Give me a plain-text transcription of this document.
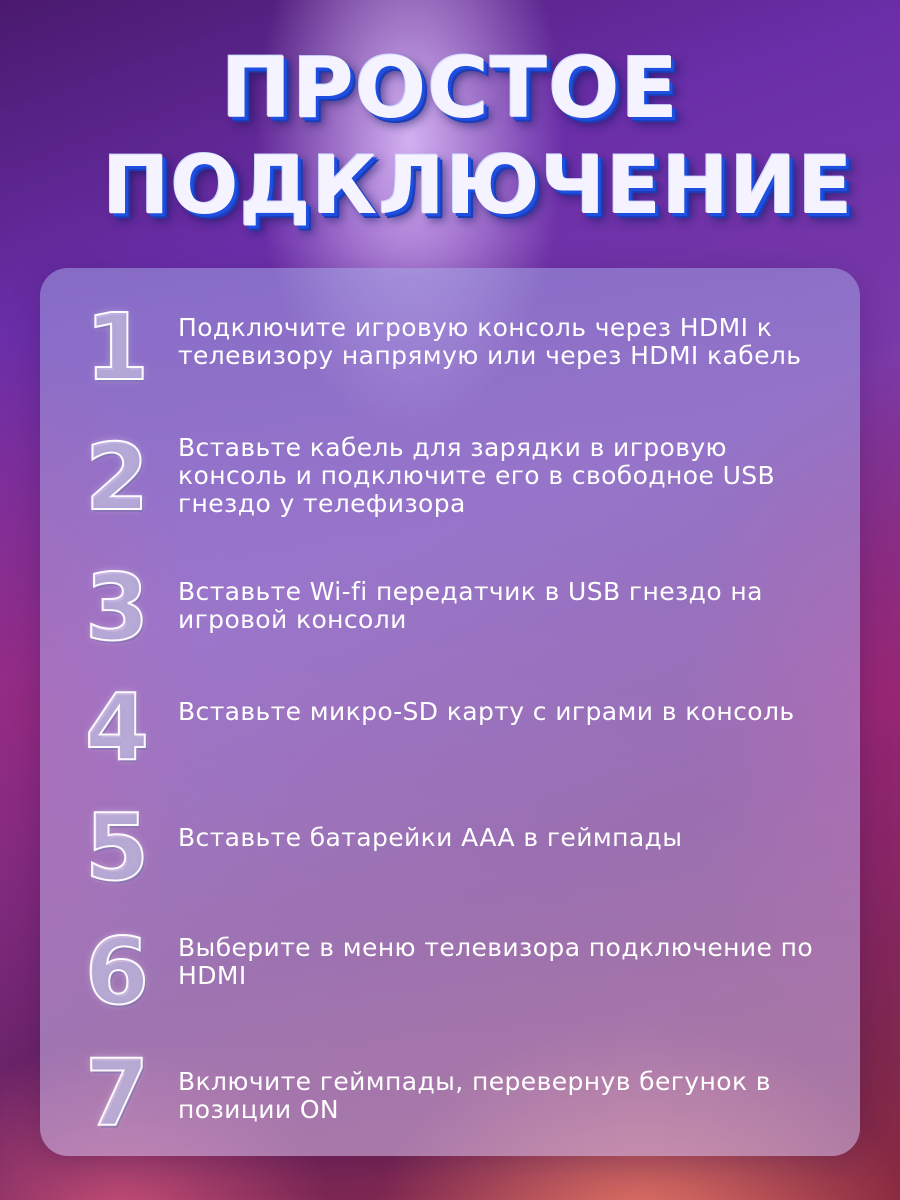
ПРОСТОЕ
ПОДКЛЮЧЕНИЕ
1	Подключите игровую консоль через HDMI к телевизору напрямую или через HDMI кабель
2	Вставьте кабель для зарядки в игровую консоль и подключите его в свободное USB гнездо у телефизора
3	Вставьте Wi-fi передатчик в USB гнездо на игровой консоли
4	Вставьте микро-SD карту с играми в консоль
5	Вставьте батарейки AAA в геймпады
6	Выберите в меню телевизора подключение по HDMI
7	Включите геймпады, перевернув бегунок в позиции ON
